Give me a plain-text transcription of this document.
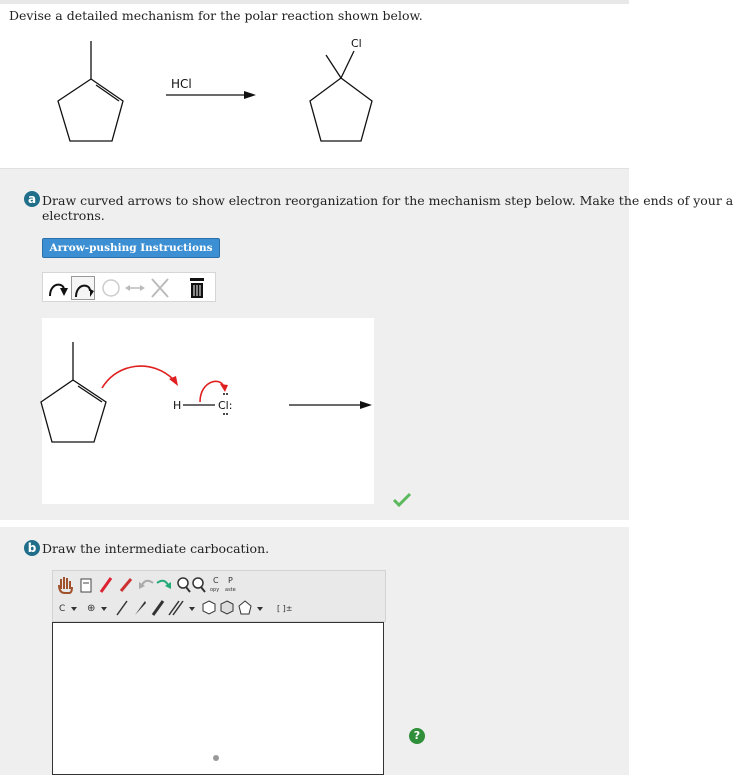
Devise a detailed mechanism for the polar reaction shown below.
HCl
Cl
a Draw curved arrows to show electron reorganization for the mechanism step below. Make the ends of your a
electrons.
Arrow-pushing Instructions
H	Cl:
b Draw the intermediate carbocation.
C
opy
P
aste
C ⊕	[ ]±
?
